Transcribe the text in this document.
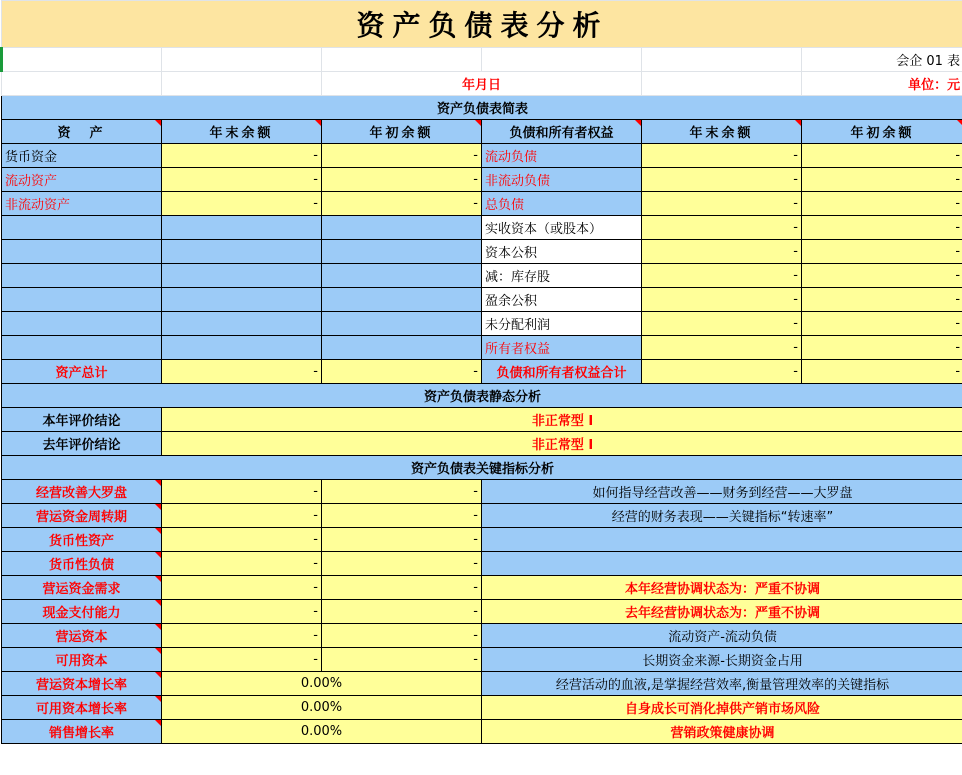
资产负债表分析					
					会企 01 表
		年月日			单位：元
资产负债表简表					
资　产	年末余额	年初余额	负债和所有者权益	年末余额	年初余额
货币资金	-	-	流动负债	-	-
流动资产	-	-	非流动负债	-	-
非流动资产	-	-	总负债	-	-
			实收资本（或股本）	-	-
			资本公积	-	-
			减：库存股	-	-
			盈余公积	-	-
			未分配利润	-	-
			所有者权益	-	-
资产总计	-	-	负债和所有者权益合计	-	-
资产负债表静态分析					
本年评价结论	非正常型 I				
去年评价结论	非正常型 I				
资产负债表关键指标分析					
经营改善大罗盘	-	-	如何指导经营改善——财务到经营——大罗盘		
营运资金周转期	-	-	经营的财务表现——关键指标“转速率”		
货币性资产	-	-			
货币性负债	-	-			
营运资金需求	-	-	本年经营协调状态为：严重不协调		
现金支付能力	-	-	去年经营协调状态为：严重不协调		
营运资本	-	-	流动资产-流动负债		
可用资本	-	-	长期资金来源-长期资金占用		
营运资本增长率	0.00%		经营活动的血液,是掌握经营效率,衡量管理效率的关键指标		
可用资本增长率	0.00%		自身成长可消化掉供产销市场风险		
销售增长率	0.00%		营销政策健康协调		
